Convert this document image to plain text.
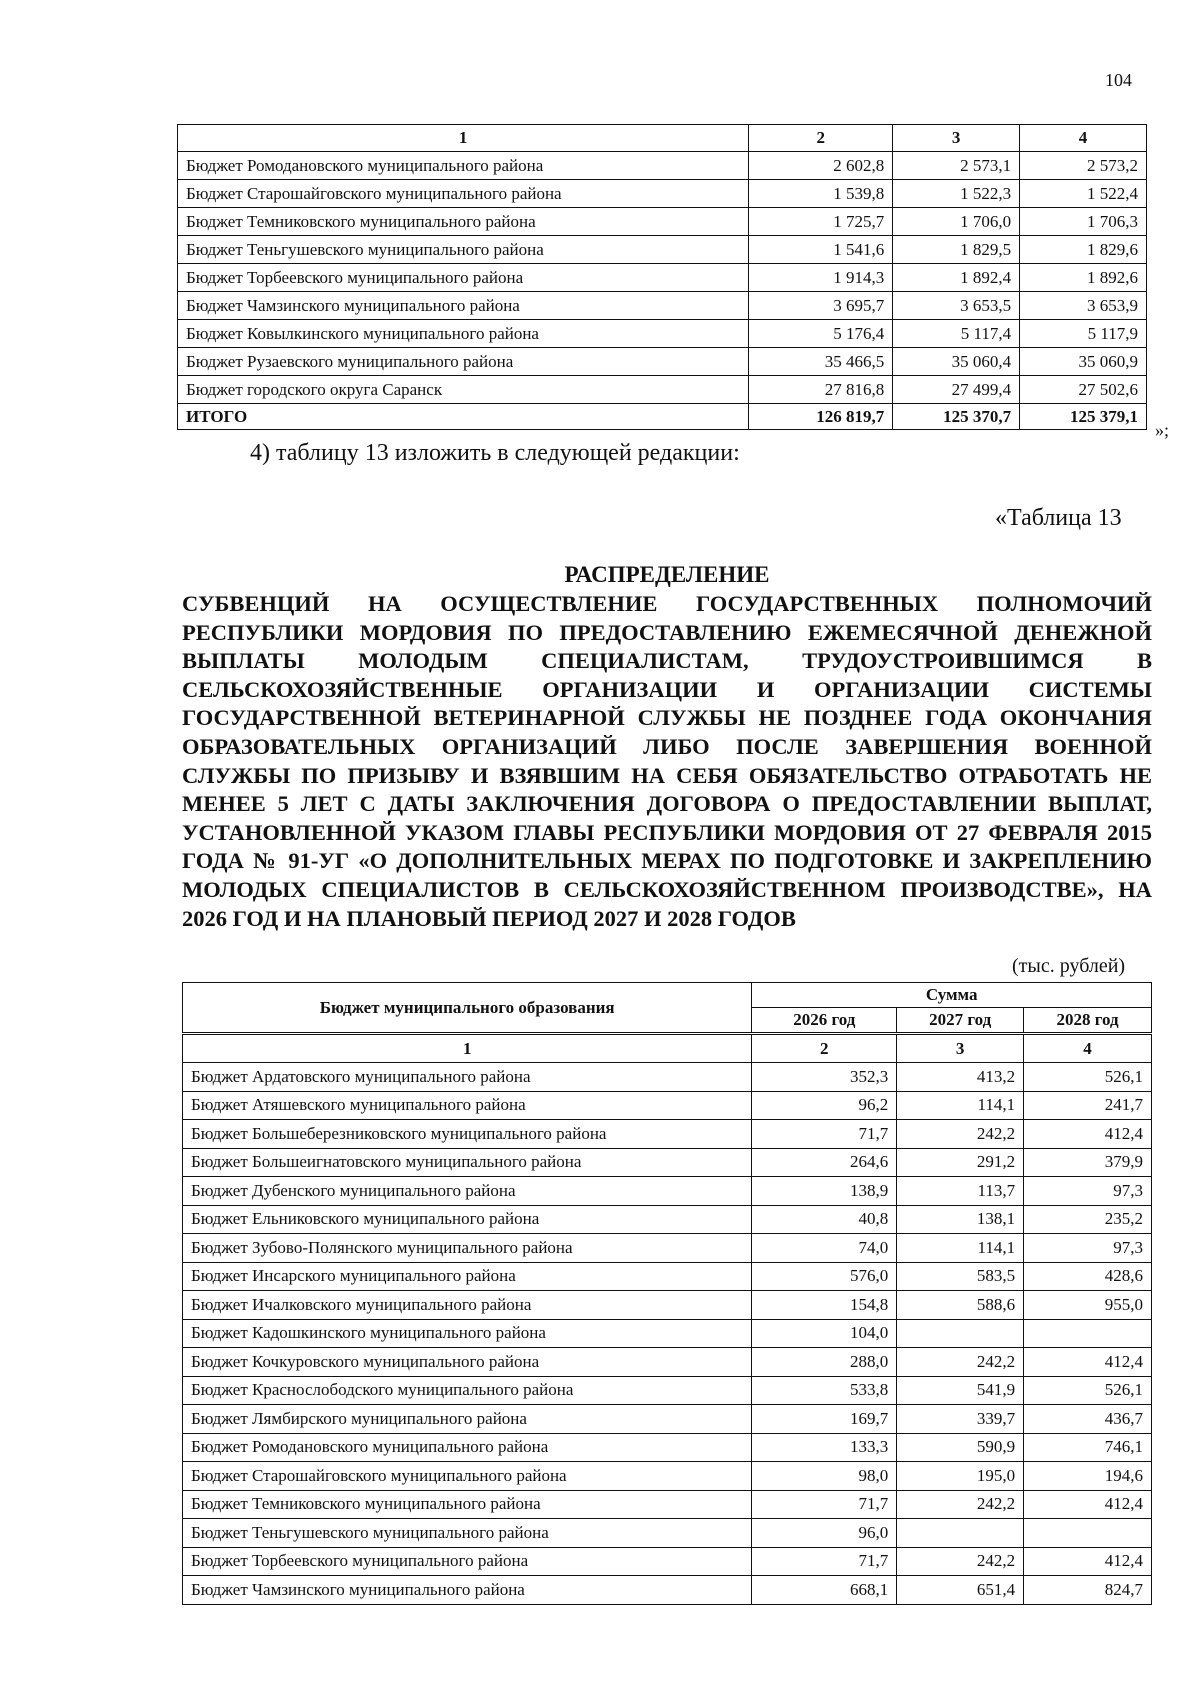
104
1	2	3	4
Бюджет Ромодановского муниципального района	2 602,8	2 573,1	2 573,2
Бюджет Старошайговского муниципального района	1 539,8	1 522,3	1 522,4
Бюджет Темниковского муниципального района	1 725,7	1 706,0	1 706,3
Бюджет Теньгушевского муниципального района	1 541,6	1 829,5	1 829,6
Бюджет Торбеевского муниципального района	1 914,3	1 892,4	1 892,6
Бюджет Чамзинского муниципального района	3 695,7	3 653,5	3 653,9
Бюджет Ковылкинского муниципального района	5 176,4	5 117,4	5 117,9
Бюджет Рузаевского муниципального района	35 466,5	35 060,4	35 060,9
Бюджет городского округа Саранск	27 816,8	27 499,4	27 502,6
ИТОГО	126 819,7	125 370,7	125 379,1
»;
4) таблицу 13 изложить в следующей редакции:
«Таблица 13
РАСПРЕДЕЛЕНИЕ
СУБВЕНЦИЙ НА ОСУЩЕСТВЛЕНИЕ ГОСУДАРСТВЕННЫХ ПОЛНОМОЧИЙ РЕСПУБЛИКИ МОРДОВИЯ ПО ПРЕДОСТАВЛЕНИЮ ЕЖЕМЕСЯЧНОЙ ДЕНЕЖНОЙ ВЫПЛАТЫ МОЛОДЫМ СПЕЦИАЛИСТАМ, ТРУДОУСТРОИВШИМСЯ В СЕЛЬСКОХОЗЯЙСТВЕННЫЕ ОРГАНИЗАЦИИ И ОРГАНИЗАЦИИ СИСТЕМЫ ГОСУДАРСТВЕННОЙ ВЕТЕРИНАРНОЙ СЛУЖБЫ НЕ ПОЗДНЕЕ ГОДА ОКОНЧАНИЯ ОБРАЗОВАТЕЛЬНЫХ ОРГАНИЗАЦИЙ ЛИБО ПОСЛЕ ЗАВЕРШЕНИЯ ВОЕННОЙ СЛУЖБЫ ПО ПРИЗЫВУ И ВЗЯВШИМ НА СЕБЯ ОБЯЗАТЕЛЬСТВО ОТРАБОТАТЬ НЕ МЕНЕЕ 5 ЛЕТ С ДАТЫ ЗАКЛЮЧЕНИЯ ДОГОВОРА О ПРЕДОСТАВЛЕНИИ ВЫПЛАТ, УСТАНОВЛЕННОЙ УКАЗОМ ГЛАВЫ РЕСПУБЛИКИ МОРДОВИЯ ОТ 27 ФЕВРАЛЯ 2015 ГОДА № 91-УГ «О ДОПОЛНИТЕЛЬНЫХ МЕРАХ ПО ПОДГОТОВКЕ И ЗАКРЕПЛЕНИЮ МОЛОДЫХ СПЕЦИАЛИСТОВ В СЕЛЬСКОХОЗЯЙСТВЕННОМ ПРОИЗВОДСТВЕ», НА 2026 ГОД И НА ПЛАНОВЫЙ ПЕРИОД 2027 И 2028 ГОДОВ
(тыс. рублей)
Бюджет муниципального образования	Сумма		
	2026 год	2027 год	2028 год
1	2	3	4
Бюджет Ардатовского муниципального района	352,3	413,2	526,1
Бюджет Атяшевского муниципального района	96,2	114,1	241,7
Бюджет Большеберезниковского муниципального района	71,7	242,2	412,4
Бюджет Большеигнатовского муниципального района	264,6	291,2	379,9
Бюджет Дубенского муниципального района	138,9	113,7	97,3
Бюджет Ельниковского муниципального района	40,8	138,1	235,2
Бюджет Зубово-Полянского муниципального района	74,0	114,1	97,3
Бюджет Инсарского муниципального района	576,0	583,5	428,6
Бюджет Ичалковского муниципального района	154,8	588,6	955,0
Бюджет Кадошкинского муниципального района	104,0		
Бюджет Кочкуровского муниципального района	288,0	242,2	412,4
Бюджет Краснослободского муниципального района	533,8	541,9	526,1
Бюджет Лямбирского муниципального района	169,7	339,7	436,7
Бюджет Ромодановского муниципального района	133,3	590,9	746,1
Бюджет Старошайговского муниципального района	98,0	195,0	194,6
Бюджет Темниковского муниципального района	71,7	242,2	412,4
Бюджет Теньгушевского муниципального района	96,0		
Бюджет Торбеевского муниципального района	71,7	242,2	412,4
Бюджет Чамзинского муниципального района	668,1	651,4	824,7
